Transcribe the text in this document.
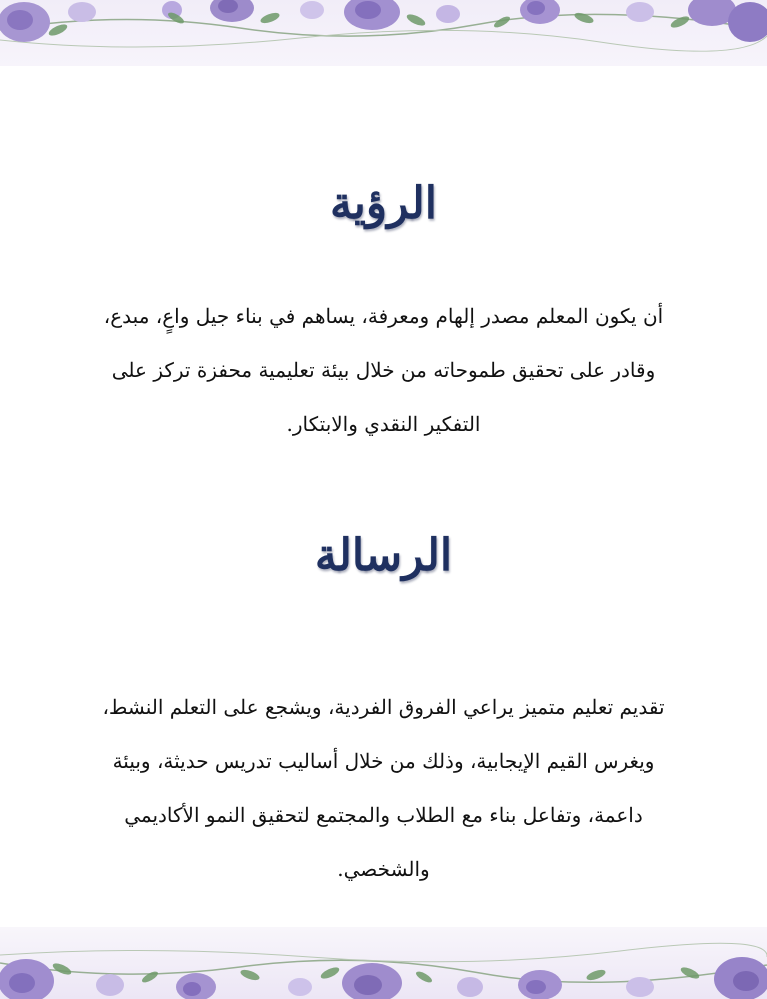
الرؤية

أن يكون المعلم مصدر إلهام ومعرفة، يساهم في بناء جيل واعٍ، مبدع، وقادر على تحقيق طموحاته من خلال بيئة تعليمية محفزة تركز على التفكير النقدي والابتكار.

الرسالة

تقديم تعليم متميز يراعي الفروق الفردية، ويشجع على التعلم النشط، ويغرس القيم الإيجابية، وذلك من خلال أساليب تدريس حديثة، وبيئة داعمة، وتفاعل بناء مع الطلاب والمجتمع لتحقيق النمو الأكاديمي والشخصي.
